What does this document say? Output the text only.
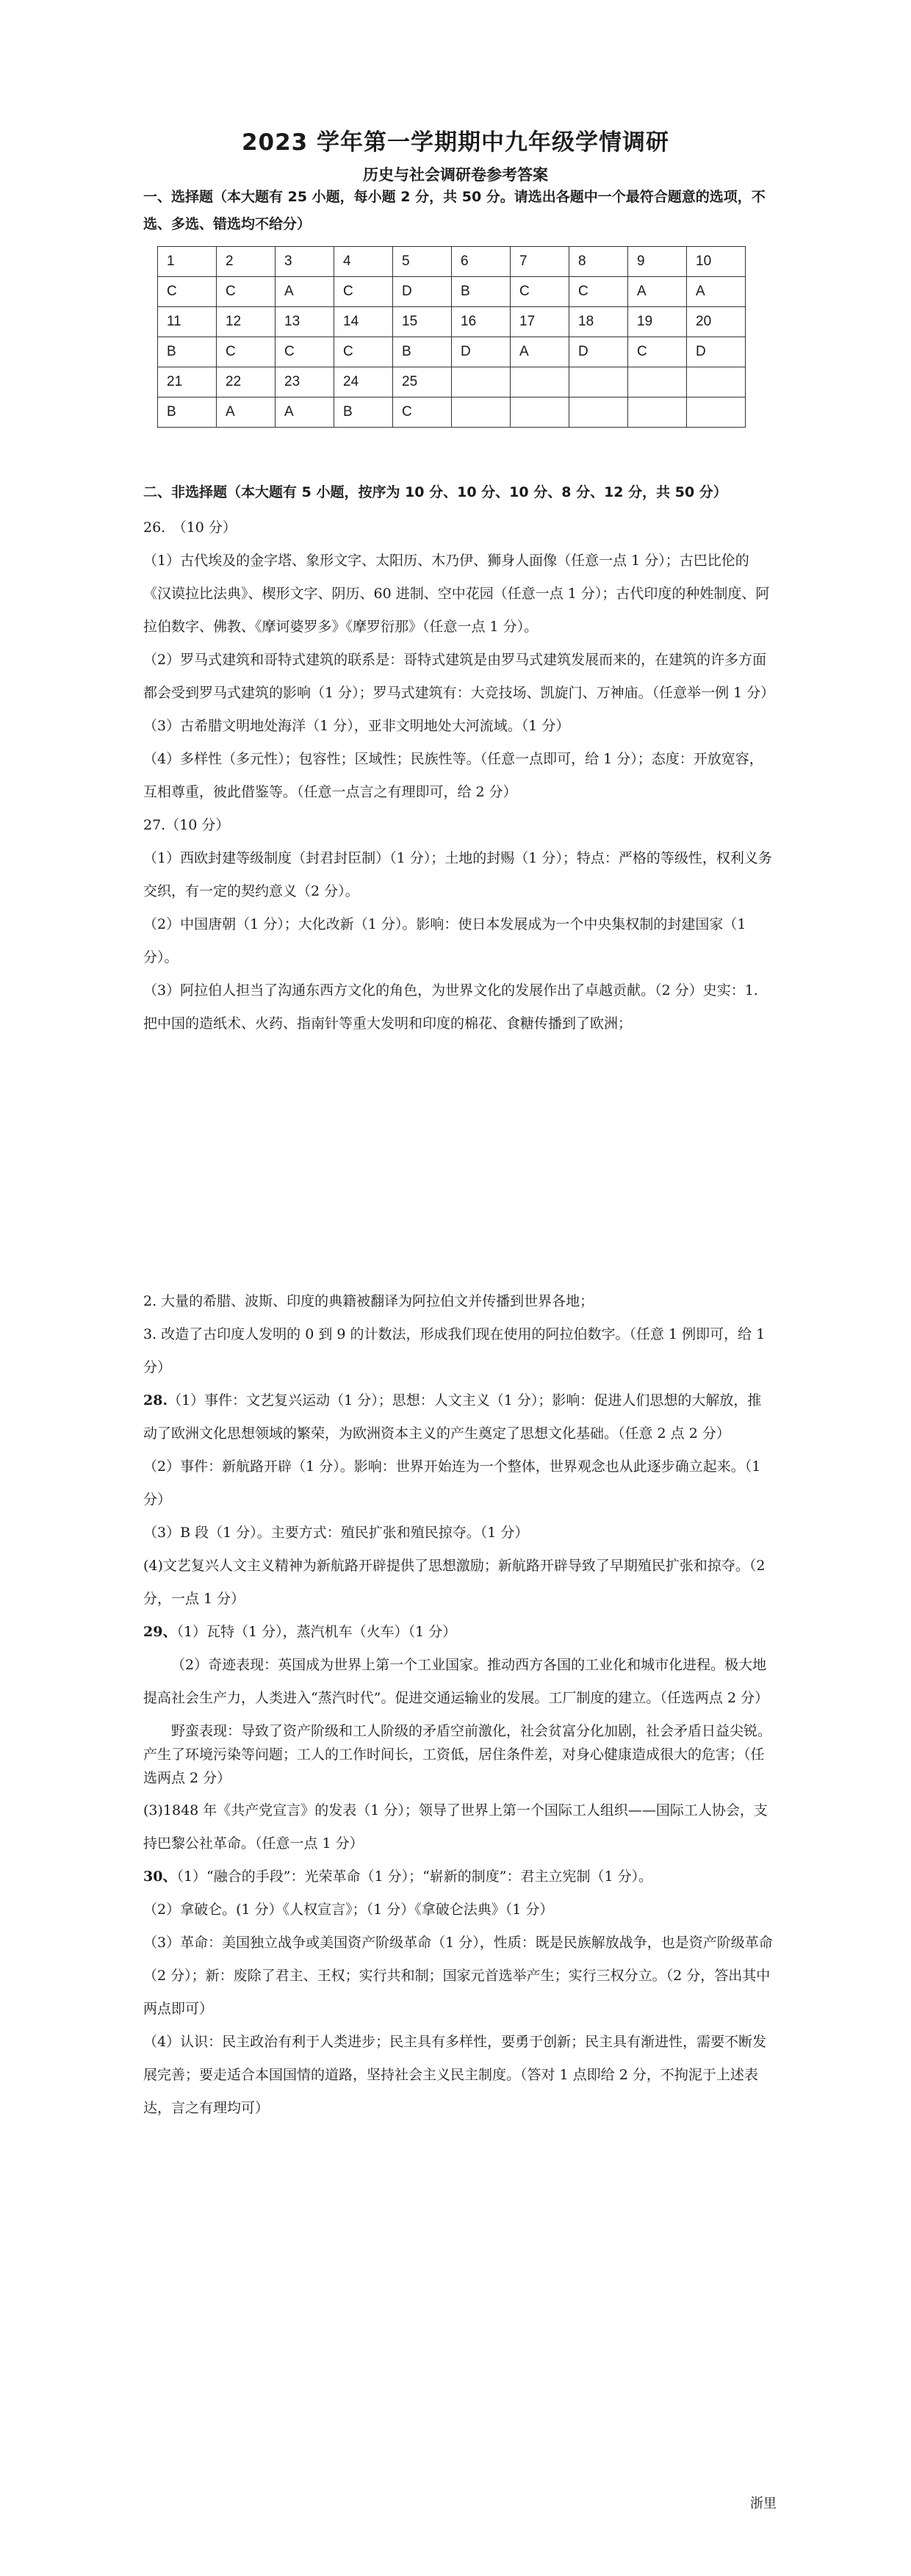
2023 学年第一学期期中九年级学情调研
历史与社会调研卷参考答案
一、选择题（本大题有 25 小题，每小题 2 分，共 50 分。请选出各题中一个最符合题意的选项，不选、多选、错选均不给分）
1	2	3	4	5	6	7	8	9	10
C	C	A	C	D	B	C	C	A	A
11	12	13	14	15	16	17	18	19	20
B	C	C	C	B	D	A	D	C	D
21	22	23	24	25					
B	A	A	B	C					
二、非选择题（本大题有 5 小题，按序为 10 分、10 分、10 分、8 分、12 分，共 50 分）

26.　（10 分）

（1）古代埃及的金字塔、象形文字、太阳历、木乃伊、狮身人面像（任意一点 1 分）；古巴比伦的《汉谟拉比法典》、楔形文字、阴历、60 进制、空中花园（任意一点 1 分）；古代印度的种姓制度、阿拉伯数字、佛教、《摩诃婆罗多》《摩罗衍那》（任意一点 1 分）。

（2）罗马式建筑和哥特式建筑的联系是：哥特式建筑是由罗马式建筑发展而来的，在建筑的许多方面都会受到罗马式建筑的影响（1 分）；罗马式建筑有：大竞技场、凯旋门、万神庙。（任意举一例 1 分）

（3）古希腊文明地处海洋（1 分），亚非文明地处大河流域。（1 分）

（4）多样性（多元性）；包容性；区域性；民族性等。（任意一点即可，给 1 分）；态度：开放宽容，互相尊重，彼此借鉴等。（任意一点言之有理即可，给 2 分）

27.（10 分）

（1）西欧封建等级制度（封君封臣制）（1 分）；土地的封赐（1 分）；特点：严格的等级性，权利义务交织，有一定的契约意义（2 分）。

（2）中国唐朝（1 分）；大化改新（1 分）。影响：使日本发展成为一个中央集权制的封建国家（1 分）。

（3）阿拉伯人担当了沟通东西方文化的角色，为世界文化的发展作出了卓越贡献。（2 分）史实：1. 把中国的造纸术、火药、指南针等重大发明和印度的棉花、食糖传播到了欧洲；

2. 大量的希腊、波斯、印度的典籍被翻译为阿拉伯文并传播到世界各地；

3. 改造了古印度人发明的 0 到 9 的计数法，形成我们现在使用的阿拉伯数字。（任意 1 例即可，给 1 分）

28.（1）事件：文艺复兴运动（1 分）；思想：人文主义（1 分）；影响：促进人们思想的大解放，推动了欧洲文化思想领域的繁荣，为欧洲资本主义的产生奠定了思想文化基础。（任意 2 点 2 分）

（2）事件：新航路开辟（1 分）。影响：世界开始连为一个整体，世界观念也从此逐步确立起来。（1 分）

（3）B 段（1 分）。主要方式：殖民扩张和殖民掠夺。（1 分）

(4)文艺复兴人文主义精神为新航路开辟提供了思想激励；新航路开辟导致了早期殖民扩张和掠夺。（2 分，一点 1 分）

29、（1）瓦特（1 分），蒸汽机车（火车）（1 分）

（2）奇迹表现：英国成为世界上第一个工业国家。推动西方各国的工业化和城市化进程。极大地提高社会生产力，人类进入“蒸汽时代”。促进交通运输业的发展。工厂制度的建立。（任选两点 2 分）

野蛮表现：导致了资产阶级和工人阶级的矛盾空前激化，社会贫富分化加剧，社会矛盾日益尖锐。产生了环境污染等问题；工人的工作时间长，工资低，居住条件差，对身心健康造成很大的危害；（任选两点 2 分）

(3)1848 年《共产党宣言》的发表（1 分）；领导了世界上第一个国际工人组织——国际工人协会，支持巴黎公社革命。（任意一点 1 分）

30、（1）“融合的手段”：光荣革命（1 分）；“崭新的制度”：君主立宪制（1 分）。

（2）拿破仑。(1 分）《人权宣言》；（1 分）《拿破仑法典》（1 分）

（3）革命：美国独立战争或美国资产阶级革命（1 分），性质：既是民族解放战争，也是资产阶级革命（2 分）；新：废除了君主、王权；实行共和制；国家元首选举产生；实行三权分立。（2 分，答出其中两点即可）

（4）认识：民主政治有利于人类进步；民主具有多样性，要勇于创新；民主具有渐进性，需要不断发展完善；要走适合本国国情的道路，坚持社会主义民主制度。（答对 1 点即给 2 分，不拘泥于上述表达，言之有理均可）

浙里
